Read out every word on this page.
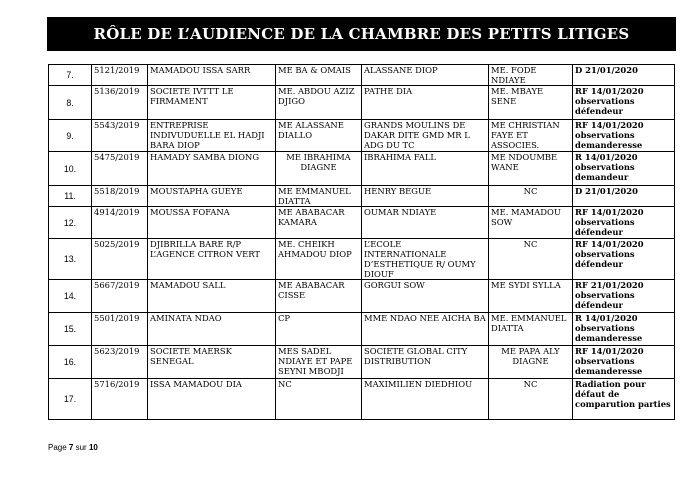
RÔLE DE L’AUDIENCE DE LA CHAMBRE DES PETITS LITIGES
7.	5121/2019	MAMADOU ISSA SARR	ME BA & OMAIS	ALASSANE DIOP	ME. FODE NDIAYE	D 21/01/2020
8.	5136/2019	SOCIETE IVTTT LE FIRMAMENT	ME. ABDOU AZIZ DJIGO	PATHE DIA	ME. MBAYE SENE	RF 14/01/2020 observations défendeur
9.	5543/2019	ENTREPRISE INDIVUDUELLE EL HADJI BARA DIOP	ME ALASSANE DIALLO	GRANDS MOULINS DE DAKAR DITE GMD MR L ADG DU TC	ME CHRISTIAN FAYE ET ASSOCIES.	RF 14/01/2020 observations demanderesse
10.	5475/2019	HAMADY SAMBA DIONG	ME IBRAHIMA DIAGNE	IBRAHIMA FALL	ME NDOUMBE WANE	R 14/01/2020 observations demandeur
11.	5518/2019	MOUSTAPHA GUEYE	ME EMMANUEL DIATTA	HENRY BEGUE	NC	D 21/01/2020
12.	4914/2019	MOUSSA FOFANA	ME ABABACAR KAMARA	OUMAR NDIAYE	ME. MAMADOU SOW	RF 14/01/2020 observations défendeur
13.	5025/2019	DJIBRILLA BARE R/P L’AGENCE CITRON VERT	ME. CHEIKH AHMADOU DIOP	L’ECOLE INTERNATIONALE D’ESTHETIQUE R/ OUMY DIOUF	NC	RF 14/01/2020 observations défendeur
14.	5667/2019	MAMADOU SALL	ME ABABACAR CISSE	GORGUI SOW	ME SYDI SYLLA	RF 21/01/2020 observations défendeur
15.	5501/2019	AMINATA NDAO	CP	MME NDAO NEE AICHA BA	ME. EMMANUEL DIATTA	R 14/01/2020 observations demanderesse
16.	5623/2019	SOCIETE MAERSK SENEGAL	MES SADEL NDIAYE ET PAPE SEYNI MBODJI	SOCIETE GLOBAL CITY DISTRIBUTION	ME PAPA ALY DIAGNE	RF 14/01/2020 observations demanderesse
17.	5716/2019	ISSA MAMADOU DIA	NC	MAXIMILIEN DIEDHIOU	NC	Radiation pour défaut de comparution parties
Page 7 sur 10
